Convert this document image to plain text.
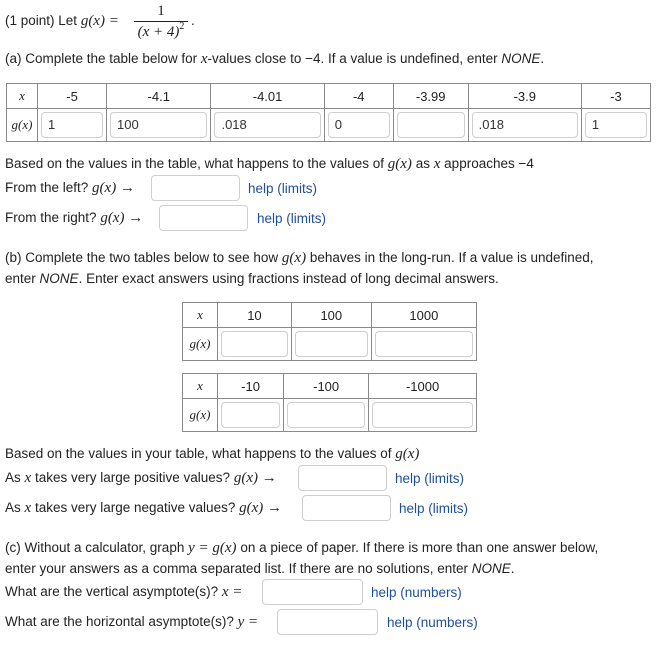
(1 point) Let g(x) =
1
$(x + 4)^2$ .
(a) Complete the table below for x-values close to −4. If a value is undefined, enter NONE.
x	-5	-4.1	-4.01	-4	-3.99	-3.9	-3
g(x)	1	100	.018	0		.018	1
Based on the values in the table, what happens to the values of g(x) as x approaches −4
From the left? g(x) →	help (limits)
From the right? g(x) →	help (limits)
(b) Complete the two tables below to see how g(x) behaves in the long-run. If a value is undefined,
enter NONE. Enter exact answers using fractions instead of long decimal answers.
x	10	100	1000
g(x)	

x	-10	-100	-1000
g(x)	

Based on the values in your table, what happens to the values of g(x)
As x takes very large positive values? g(x) →	help (limits)
As x takes very large negative values? g(x) →	help (limits)
(c) Without a calculator, graph y = g(x) on a piece of paper. If there is more than one answer below,
enter your answers as a comma separated list. If there are no solutions, enter NONE.
What are the vertical asymptote(s)? x =	help (numbers)
What are the horizontal asymptote(s)? y =	help (numbers)
